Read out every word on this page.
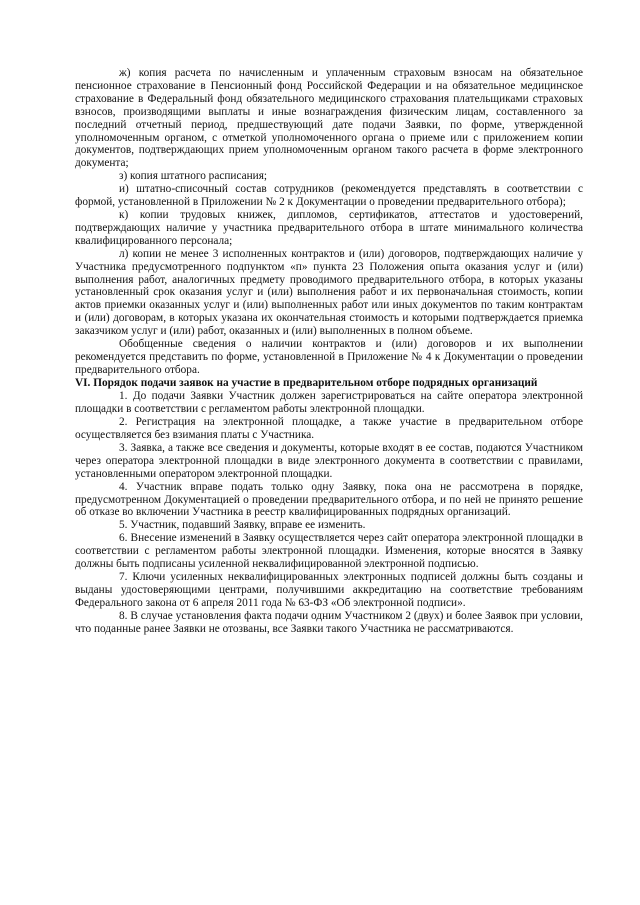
ж) копия расчета по начисленным и уплаченным страховым взносам на обязательное пенсионное страхование в Пенсионный фонд Российской Федерации и на обязательное медицинское страхование в Федеральный фонд обязательного медицинского страхования плательщиками страховых взносов, производящими выплаты и иные вознаграждения физическим лицам, составленного за последний отчетный период, предшествующий дате подачи Заявки, по форме, утвержденной уполномоченным органом, с отметкой уполномоченного органа о приеме или с приложением копии документов, подтверждающих прием уполномоченным органом такого расчета в форме электронного документа;

з) копия штатного расписания;

и) штатно-списочный состав сотрудников (рекомендуется представлять в соответствии с формой, установленной в Приложении № 2 к Документации о проведении предварительного отбора);

к) копии трудовых книжек, дипломов, сертификатов, аттестатов и удостоверений, подтверждающих наличие у участника предварительного отбора в штате минимального количества квалифицированного персонала;

л) копии не менее 3 исполненных контрактов и (или) договоров, подтверждающих наличие у Участника предусмотренного подпунктом «п» пункта 23 Положения опыта оказания услуг и (или) выполнения работ, аналогичных предмету проводимого предварительного отбора, в которых указаны установленный срок оказания услуг и (или) выполнения работ и их первоначальная стоимость, копии актов приемки оказанных услуг и (или) выполненных работ или иных документов по таким контрактам и (или) договорам, в которых указана их окончательная стоимость и которыми подтверждается приемка заказчиком услуг и (или) работ, оказанных и (или) выполненных в полном объеме.

Обобщенные сведения о наличии контрактов и (или) договоров и их выполнении рекомендуется представить по форме, установленной в Приложение № 4 к Документации о проведении предварительного отбора.

VI. Порядок подачи заявок на участие в предварительном отборе подрядных организаций

1. До подачи Заявки Участник должен зарегистрироваться на сайте оператора электронной площадки в соответствии с регламентом работы электронной площадки.

2. Регистрация на электронной площадке, а также участие в предварительном отборе осуществляется без взимания платы с Участника.

3. Заявка, а также все сведения и документы, которые входят в ее состав, подаются Участником через оператора электронной площадки в виде электронного документа в соответствии с правилами, установленными оператором электронной площадки.

4. Участник вправе подать только одну Заявку, пока она не рассмотрена в порядке, предусмотренном Документацией о проведении предварительного отбора, и по ней не принято решение об отказе во включении Участника в реестр квалифицированных подрядных организаций.

5. Участник, подавший Заявку, вправе ее изменить.

6. Внесение изменений в Заявку осуществляется через сайт оператора электронной площадки в соответствии с регламентом работы электронной площадки. Изменения, которые вносятся в Заявку должны быть подписаны усиленной неквалифицированной электронной подписью.

7. Ключи усиленных неквалифицированных электронных подписей должны быть созданы и выданы удостоверяющими центрами, получившими аккредитацию на соответствие требованиям Федерального закона от 6 апреля 2011 года № 63-ФЗ «Об электронной подписи».

8. В случае установления факта подачи одним Участником 2 (двух) и более Заявок при условии, что поданные ранее Заявки не отозваны, все Заявки такого Участника не рассматриваются.
